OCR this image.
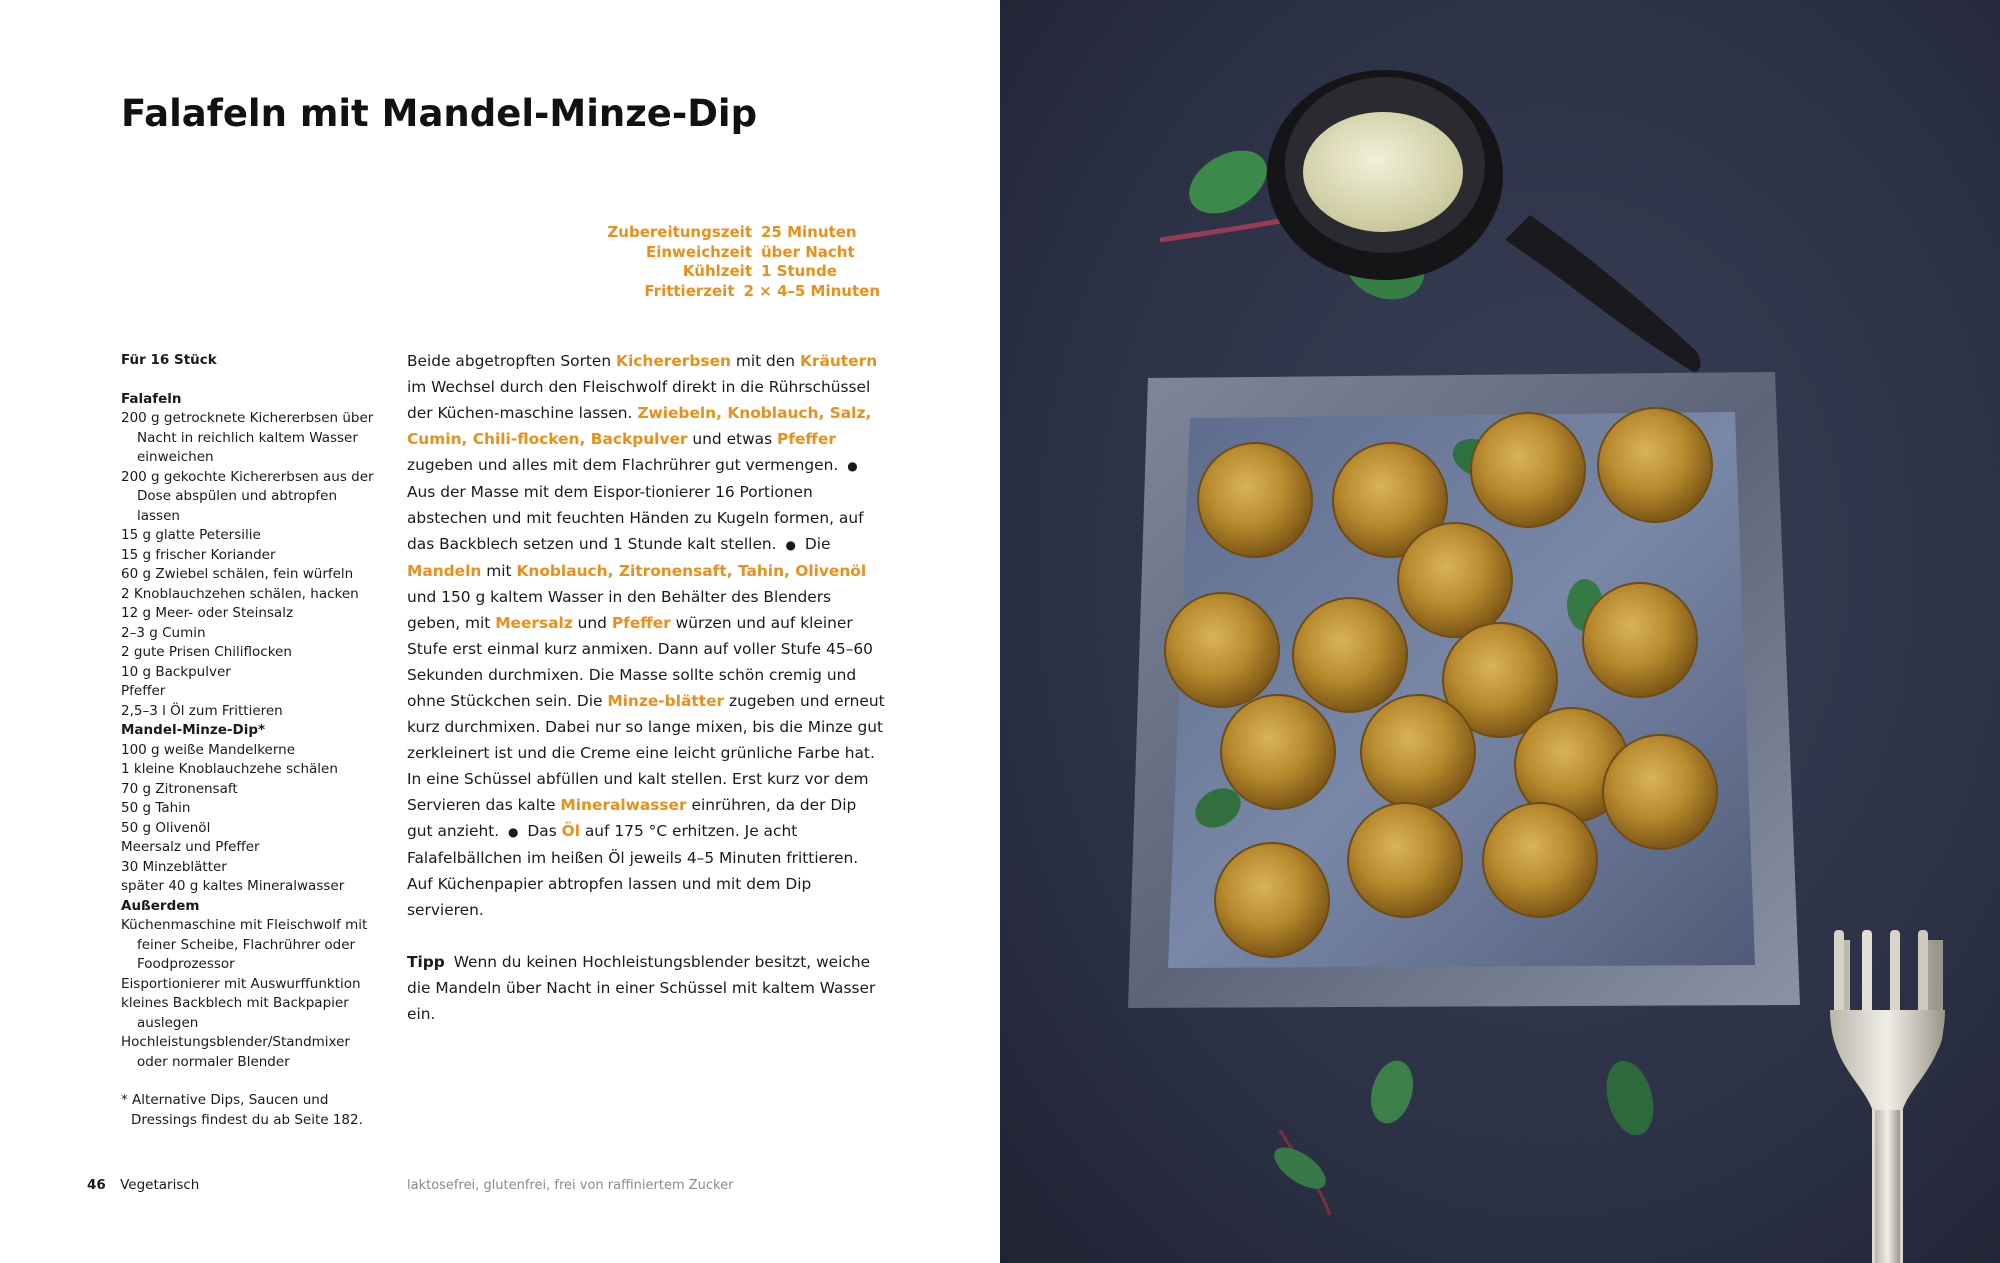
Falafeln mit Mandel-Minze-Dip
Zubereitungszeit 25 Minuten
Einweichzeit über Nacht
Kühlzeit 1 Stunde
Frittierzeit 2 × 4–5 Minuten
Für 16 Stück
Falafeln
200 g getrocknete Kichererbsen über Nacht in reichlich kaltem Wasser einweichen
200 g gekochte Kichererbsen aus der Dose abspülen und abtropfen lassen
15 g glatte Petersilie
15 g frischer Koriander
60 g Zwiebel schälen, fein würfeln
2 Knoblauchzehen schälen, hacken
12 g Meer- oder Steinsalz
2–3 g Cumin
2 gute Prisen Chiliflocken
10 g Backpulver
Pfeffer
2,5–3 l Öl zum Frittieren
Mandel-Minze-Dip*
100 g weiße Mandelkerne
1 kleine Knoblauchzehe schälen
70 g Zitronensaft
50 g Tahin
50 g Olivenöl
Meersalz und Pfeffer
30 Minzeblätter
später 40 g kaltes Mineralwasser
Außerdem
Küchenmaschine mit Fleischwolf mit feiner Scheibe, Flachrührer oder Foodprozessor
Eisportionierer mit Auswurffunktion
kleines Backblech mit Backpapier auslegen
Hochleistungsblender/Standmixer oder normaler Blender
* Alternative Dips, Saucen und Dressings findest du ab Seite 182.

Beide abgetropften Sorten Kichererbsen mit den Kräutern im Wechsel durch den Fleischwolf direkt in die Rührschüssel der Küchen-maschine lassen. Zwiebeln, Knoblauch, Salz, Cumin, Chili-flocken, Backpulver und etwas Pfeffer zugeben und alles mit dem Flachrührer gut vermengen. ● Aus der Masse mit dem Eispor-tionierer 16 Portionen abstechen und mit feuchten Händen zu Kugeln formen, auf das Backblech setzen und 1 Stunde kalt stellen. ● Die Mandeln mit Knoblauch, Zitronensaft, Tahin, Olivenöl und 150 g kaltem Wasser in den Behälter des Blenders geben, mit Meersalz und Pfeffer würzen und auf kleiner Stufe erst einmal kurz anmixen. Dann auf voller Stufe 45–60 Sekunden durchmixen. Die Masse sollte schön cremig und ohne Stückchen sein. Die Minze-blätter zugeben und erneut kurz durchmixen. Dabei nur so lange mixen, bis die Minze gut zerkleinert ist und die Creme eine leicht grünliche Farbe hat. In eine Schüssel abfüllen und kalt stellen. Erst kurz vor dem Servieren das kalte Mineralwasser einrühren, da der Dip gut anzieht. ● Das Öl auf 175 °C erhitzen. Je acht Falafelbällchen im heißen Öl jeweils 4–5 Minuten frittieren. Auf Küchenpapier abtropfen lassen und mit dem Dip servieren.

Tipp Wenn du keinen Hochleistungsblender besitzt, weiche die Mandeln über Nacht in einer Schüssel mit kaltem Wasser ein.

46 Vegetarisch	laktosefrei, glutenfrei, frei von raffiniertem Zucker
